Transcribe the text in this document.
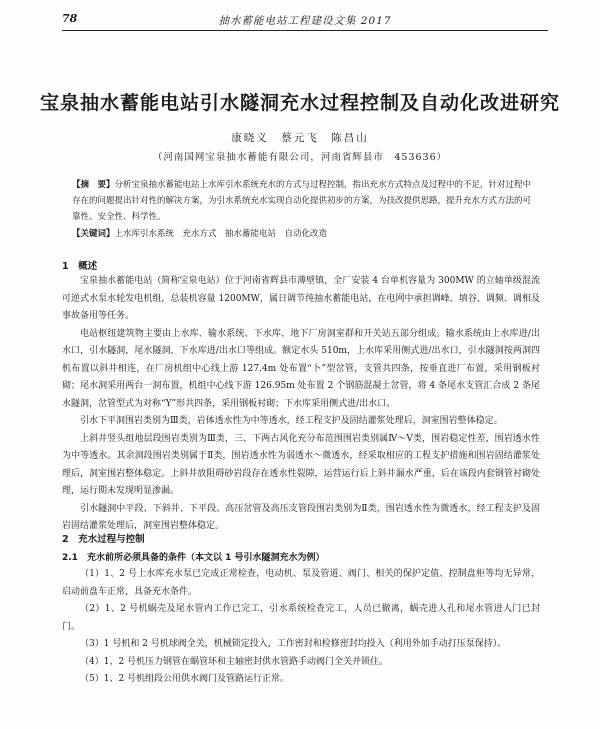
78	抽水蓄能电站工程建设文集 2017
宝泉抽水蓄能电站引水隧洞充水过程控制及自动化改进研究
康晓义　蔡元飞　陈昌山
（河南国网宝泉抽水蓄能有限公司，河南省辉县市　453636）

【摘　要】分析宝泉抽水蓄能电站上水库引水系统充水的方式与过程控制，指出充水方式特点及过程中的不足，针对过程中存在的问题提出针对性的解决方案，为引水系统充水实现自动化提供初步的方案，为技改提供思路，提升充水方式方法的可靠性、安全性、科学性。

【关键词】上水库引水系统　充水方式　抽水蓄能电站　自动化改造
1　概述

宝泉抽水蓄能电站（简称宝泉电站）位于河南省辉县市薄壁镇，全厂安装 4 台单机容量为 300MW 的立轴单级混流可逆式水泵水轮发电机组，总装机容量 1200MW，属日调节纯抽水蓄能电站，在电网中承担调峰、填谷、调频、调相及事故备用等任务。

电站枢纽建筑物主要由上水库、输水系统、下水库、地下厂房洞室群和开关站五部分组成。输水系统由上水库进/出水口，引水隧洞，尾水隧洞，下水库进/出水口等组成。额定水头 510m，上水库采用侧式进/出水口，引水隧洞按两洞四机布置以斜井相连，在厂房机组中心线上游 127.4m 处布置“卜”型岔管，支管共四条，按垂直进厂布置，采用钢板衬砌；尾水洞采用两台一洞布置，机组中心线下游 126.95m 处布置 2 个钢筋混凝土岔管，将 4 条尾水支管汇合成 2 条尾水隧洞，岔管型式为对称“Y”形共四条，采用钢板衬砌；下水库采用侧式进/出水口。

引水下平洞围岩类别为Ⅲ类，岩体透水性为中等透水，经工程支护及固结灌浆处理后，洞室围岩整体稳定。

上斜井竖头组地层段围岩类别为Ⅲ类，三、下两古风化充分布范围围岩类别属Ⅳ～Ⅴ类，围岩稳定性差，围岩透水性为中等透水。其余洞段围岩类别属于Ⅱ类，围岩透水性为弱透水～微透水，经采取相应的工程支护措施和围岩固结灌浆处理后，洞室围岩整体稳定。上斜井放阻碍砂岩段存在透水性裂隙，运营运行后上斜井漏水严重，后在该段内套钢管衬砌处理，运行期未发现明显渗漏。

引水隧洞中平段、下斜井、下平段、高压岔管及高压支管段围岩类别为Ⅱ类，围岩透水性为微透水，经工程支护及固岩固结灌浆处理后，洞室围岩整体稳定。

2　充水过程与控制
2.1　充水前所必须具备的条件（本文以 1 号引水隧洞充水为例）

（1）1、2 号上水库充水泵已完成正常检查，电动机、泵及管道、阀门、相关的保护定值、控制盘柜等均无异常，启动前盘车正常，具备充水条件。

（2）1、2 号机蜗壳及尾水管内工作已完工，引水系统检查完工，人员已撤离，蜗壳进人孔和尾水管进人门已封门。

（3）1 号机和 2 号机球阀全关，机械锁定投入，工作密封和检修密封均投入（利用外加手动打压泵保持）。

（4）1、2 号机压力钢管在蜗管环和主轴密封供水管路手动阀门全关并锁住。

（5）1、2 号机组段公用供水阀门及管路运行正常。
